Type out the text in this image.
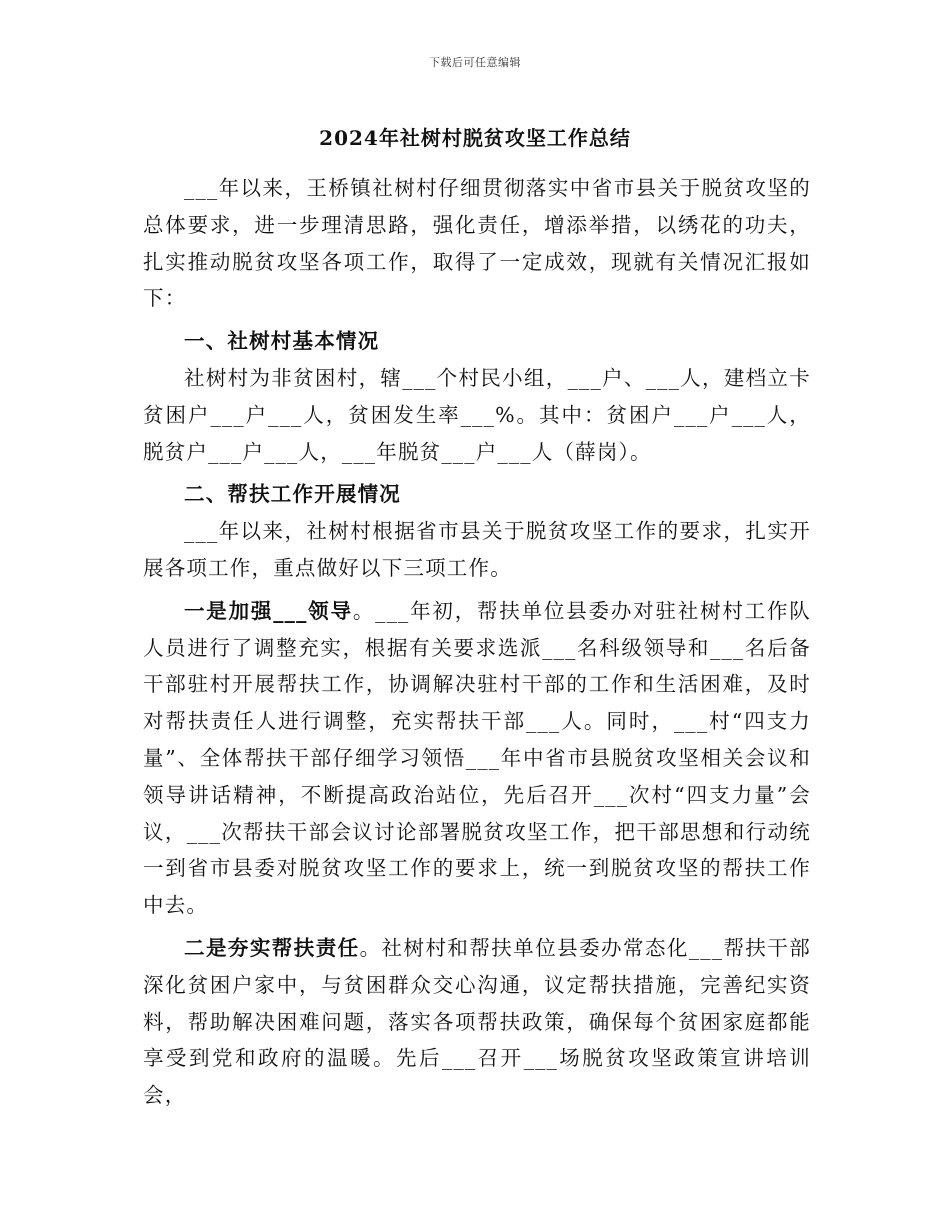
下载后可任意编辑
2024年社树村脱贫攻坚工作总结

___年以来，王桥镇社树村仔细贯彻落实中省市县关于脱贫攻坚的总体要求，进一步理清思路，强化责任，增添举措，以绣花的功夫，扎实推动脱贫攻坚各项工作，取得了一定成效，现就有关情况汇报如下：

一、社树村基本情况

社树村为非贫困村，辖___个村民小组，___户、___人，建档立卡贫困户___户___人，贫困发生率___%。其中：贫困户___户___人，脱贫户___户___人，___年脱贫___户___人（薛岗）。

二、帮扶工作开展情况

___年以来，社树村根据省市县关于脱贫攻坚工作的要求，扎实开展各项工作，重点做好以下三项工作。

一是加强___领导。___年初，帮扶单位县委办对驻社树村工作队人员进行了调整充实，根据有关要求选派___名科级领导和___名后备干部驻村开展帮扶工作，协调解决驻村干部的工作和生活困难，及时对帮扶责任人进行调整，充实帮扶干部___人。同时，___村“四支力量”、全体帮扶干部仔细学习领悟___年中省市县脱贫攻坚相关会议和领导讲话精神，不断提高政治站位，先后召开___次村“四支力量”会议，___次帮扶干部会议讨论部署脱贫攻坚工作，把干部思想和行动统一到省市县委对脱贫攻坚工作的要求上，统一到脱贫攻坚的帮扶工作中去。

二是夯实帮扶责任。社树村和帮扶单位县委办常态化___帮扶干部深化贫困户家中，与贫困群众交心沟通，议定帮扶措施，完善纪实资料，帮助解决困难问题，落实各项帮扶政策，确保每个贫困家庭都能享受到党和政府的温暖。先后___召开___场脱贫攻坚政策宣讲培训会，
